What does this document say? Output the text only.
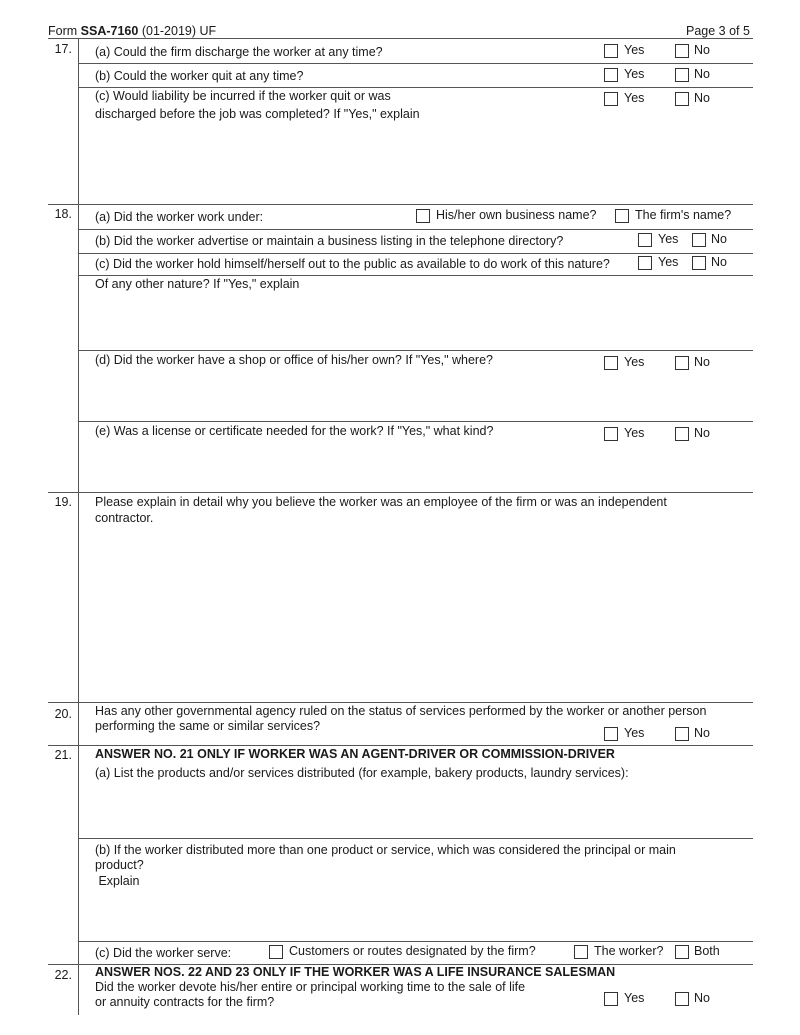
Form SSA-7160 (01-2019) UF	Page 3 of 5
17. (a) Could the firm discharge the worker at any time?	Yes	No
(b) Could the worker quit at any time?	Yes	No
(c) Would liability be incurred if the worker quit or was
discharged before the job was completed? If "Yes," explain
Yes	No
18. (a) Did the worker work under:	His/her own business name?	The firm's name?
(b) Did the worker advertise or maintain a business listing in the telephone directory?	Yes	No
(c) Did the worker hold himself/herself out to the public as available to do work of this nature?	Yes	No
Of any other nature? If "Yes," explain
(d) Did the worker have a shop or office of his/her own? If "Yes," where?	Yes	No
(e) Was a license or certificate needed for the work? If "Yes," what kind?	Yes	No
19. Please explain in detail why you believe the worker was an employee of the firm or was an independent
contractor.
20. Has any other governmental agency ruled on the status of services performed by the worker or another person
performing the same or similar services?	Yes	No
21. ANSWER NO. 21 ONLY IF WORKER WAS AN AGENT-DRIVER OR COMMISSION-DRIVER
(a) List the products and/or services distributed (for example, bakery products, laundry services):
(b) If the worker distributed more than one product or service, which was considered the principal or main
product?
Explain
(c) Did the worker serve:	Customers or routes designated by the firm?	The worker? Both
22. ANSWER NOS. 22 AND 23 ONLY IF THE WORKER WAS A LIFE INSURANCE SALESMAN
Did the worker devote his/her entire or principal working time to the sale of life
or annuity contracts for the firm?	Yes	No
